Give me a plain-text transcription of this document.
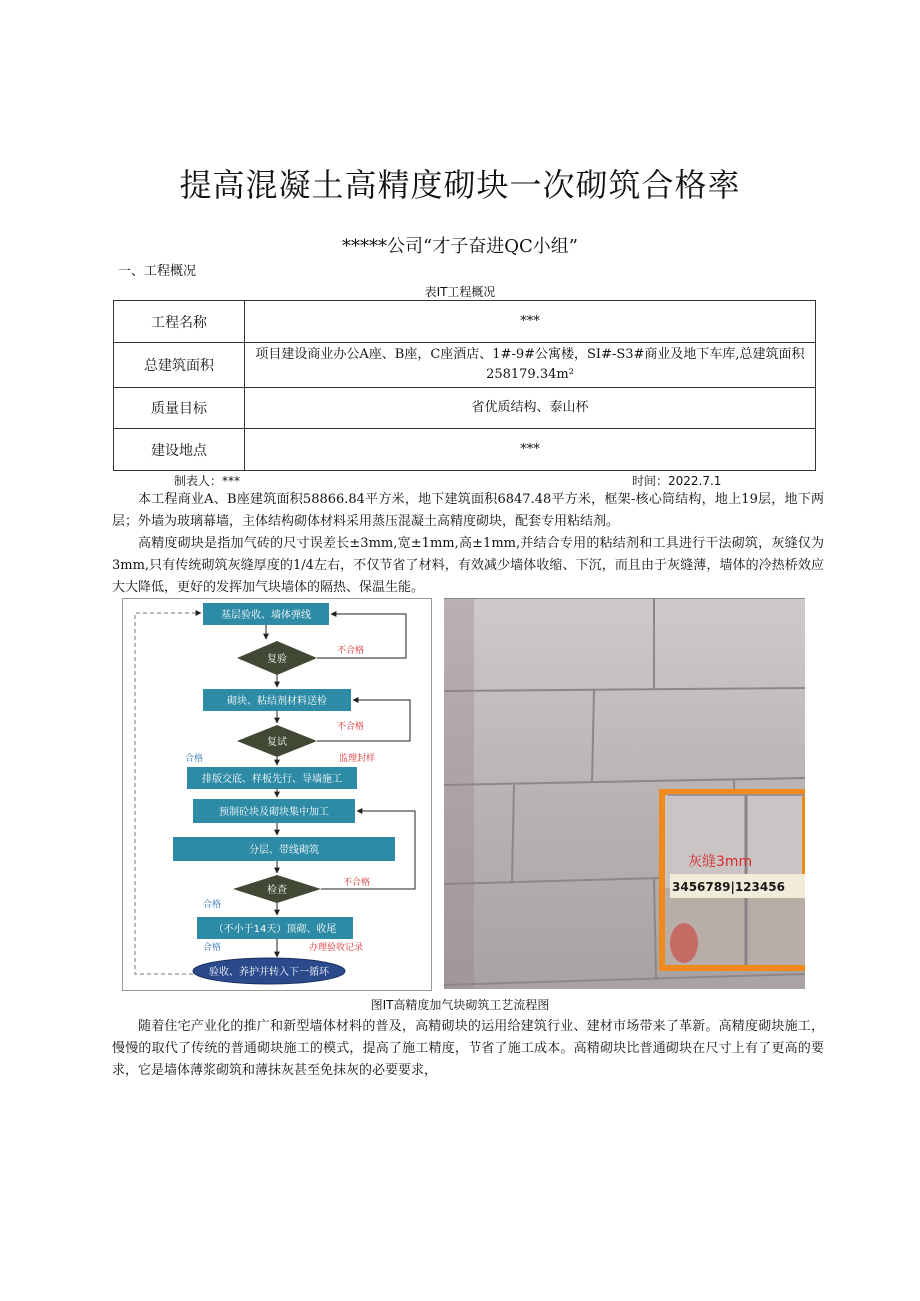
提高混凝土高精度砌块一次砌筑合格率
*****公司“才子奋进QC小组”
一、工程概况
表IT工程概况
工程名称	***
总建筑面积	项目建设商业办公A座、B座，C座酒店、1#-9#公寓楼，SI#-S3#商业及地下车库,总建筑面积258179.34m²
质量目标	省优质结构、泰山杯
建设地点	***
制表人：***	时间：2022.7.1

本工程商业A、B座建筑面积58866.84平方米，地下建筑面积6847.48平方米，框架-核心筒结构，地上19层，地下两层；外墙为玻璃幕墙，主体结构砌体材料采用蒸压混凝土高精度砌块，配套专用粘结剂。

高精度砌块是指加气砖的尺寸误差长±3mm,宽±1mm,高±1mm,并结合专用的粘结剂和工具进行干法砌筑，灰缝仅为3mm,只有传统砌筑灰缝厚度的1/4左右，不仅节省了材料，有效减少墙体收缩、下沉，而且由于灰缝薄，墙体的冷热桥效应大大降低，更好的发挥加气块墙体的隔热、保温生能。

基层验收、墙体弹线
复验
不合格
砌块、粘结剂材料送检
复试
不合格
合格	监理封样
排版交底、样板先行、导墙施工
预制砼块及砌块集中加工
分层、带线砌筑
检查
不合格
合格
（不小于14天）顶砌、收尾
合格	办理验收记录
验收、养护并转入下一循环
灰缝3mm
3456789|123456
图IT高精度加气块砌筑工艺流程图

随着住宅产业化的推广和新型墙体材料的普及，高精砌块的运用给建筑行业、建材市场带来了革新。高精度砌块施工，慢慢的取代了传统的普通砌块施工的模式，提高了施工精度，节省了施工成本。高精砌块比普通砌块在尺寸上有了更高的要求，它是墙体薄浆砌筑和薄抹灰甚至免抹灰的必要要求，
